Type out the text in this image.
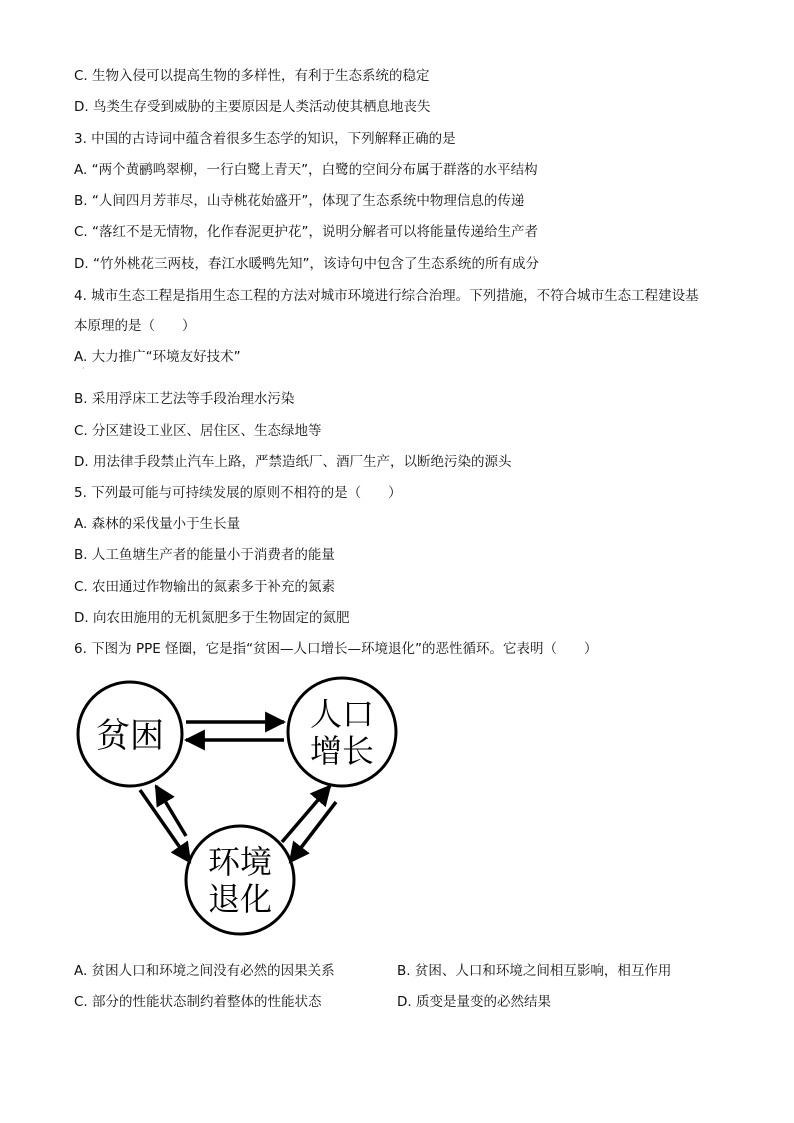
C. 生物入侵可以提高生物的多样性，有利于生态系统的稳定
D. 鸟类生存受到威胁的主要原因是人类活动使其栖息地丧失
3. 中国的古诗词中蕴含着很多生态学的知识，下列解释正确的是
A. “两个黄鹂鸣翠柳，一行白鹭上青天”，白鹭的空间分布属于群落的水平结构
B. “人间四月芳菲尽，山寺桃花始盛开”，体现了生态系统中物理信息的传递
C. “落红不是无情物，化作春泥更护花”，说明分解者可以将能量传递给生产者
D. “竹外桃花三两枝，春江水暖鸭先知”，该诗句中包含了生态系统的所有成分
4. 城市生态工程是指用生态工程的方法对城市环境进行综合治理。下列措施，不符合城市生态工程建设基
本原理的是（　　）
A. 大力推广“环境友好技术”
·
B. 采用浮床工艺法等手段治理水污染
C. 分区建设工业区、居住区、生态绿地等
D. 用法律手段禁止汽车上路，严禁造纸厂、酒厂生产，以断绝污染的源头
5. 下列最可能与可持续发展的原则不相符的是（　　）
A. 森林的采伐量小于生长量
B. 人工鱼塘生产者的能量小于消费者的能量
C. 农田通过作物输出的氮素多于补充的氮素
D. 向农田施用的无机氮肥多于生物固定的氮肥
6. 下图为 PPE 怪圈，它是指“贫困—人口增长—环境退化”的恶性循环。它表明（　　）
贫困
人口
增长
环境
退化
A. 贫困人口和环境之间没有必然的因果关系	B. 贫困、人口和环境之间相互影响，相互作用
C. 部分的性能状态制约着整体的性能状态	D. 质变是量变的必然结果
